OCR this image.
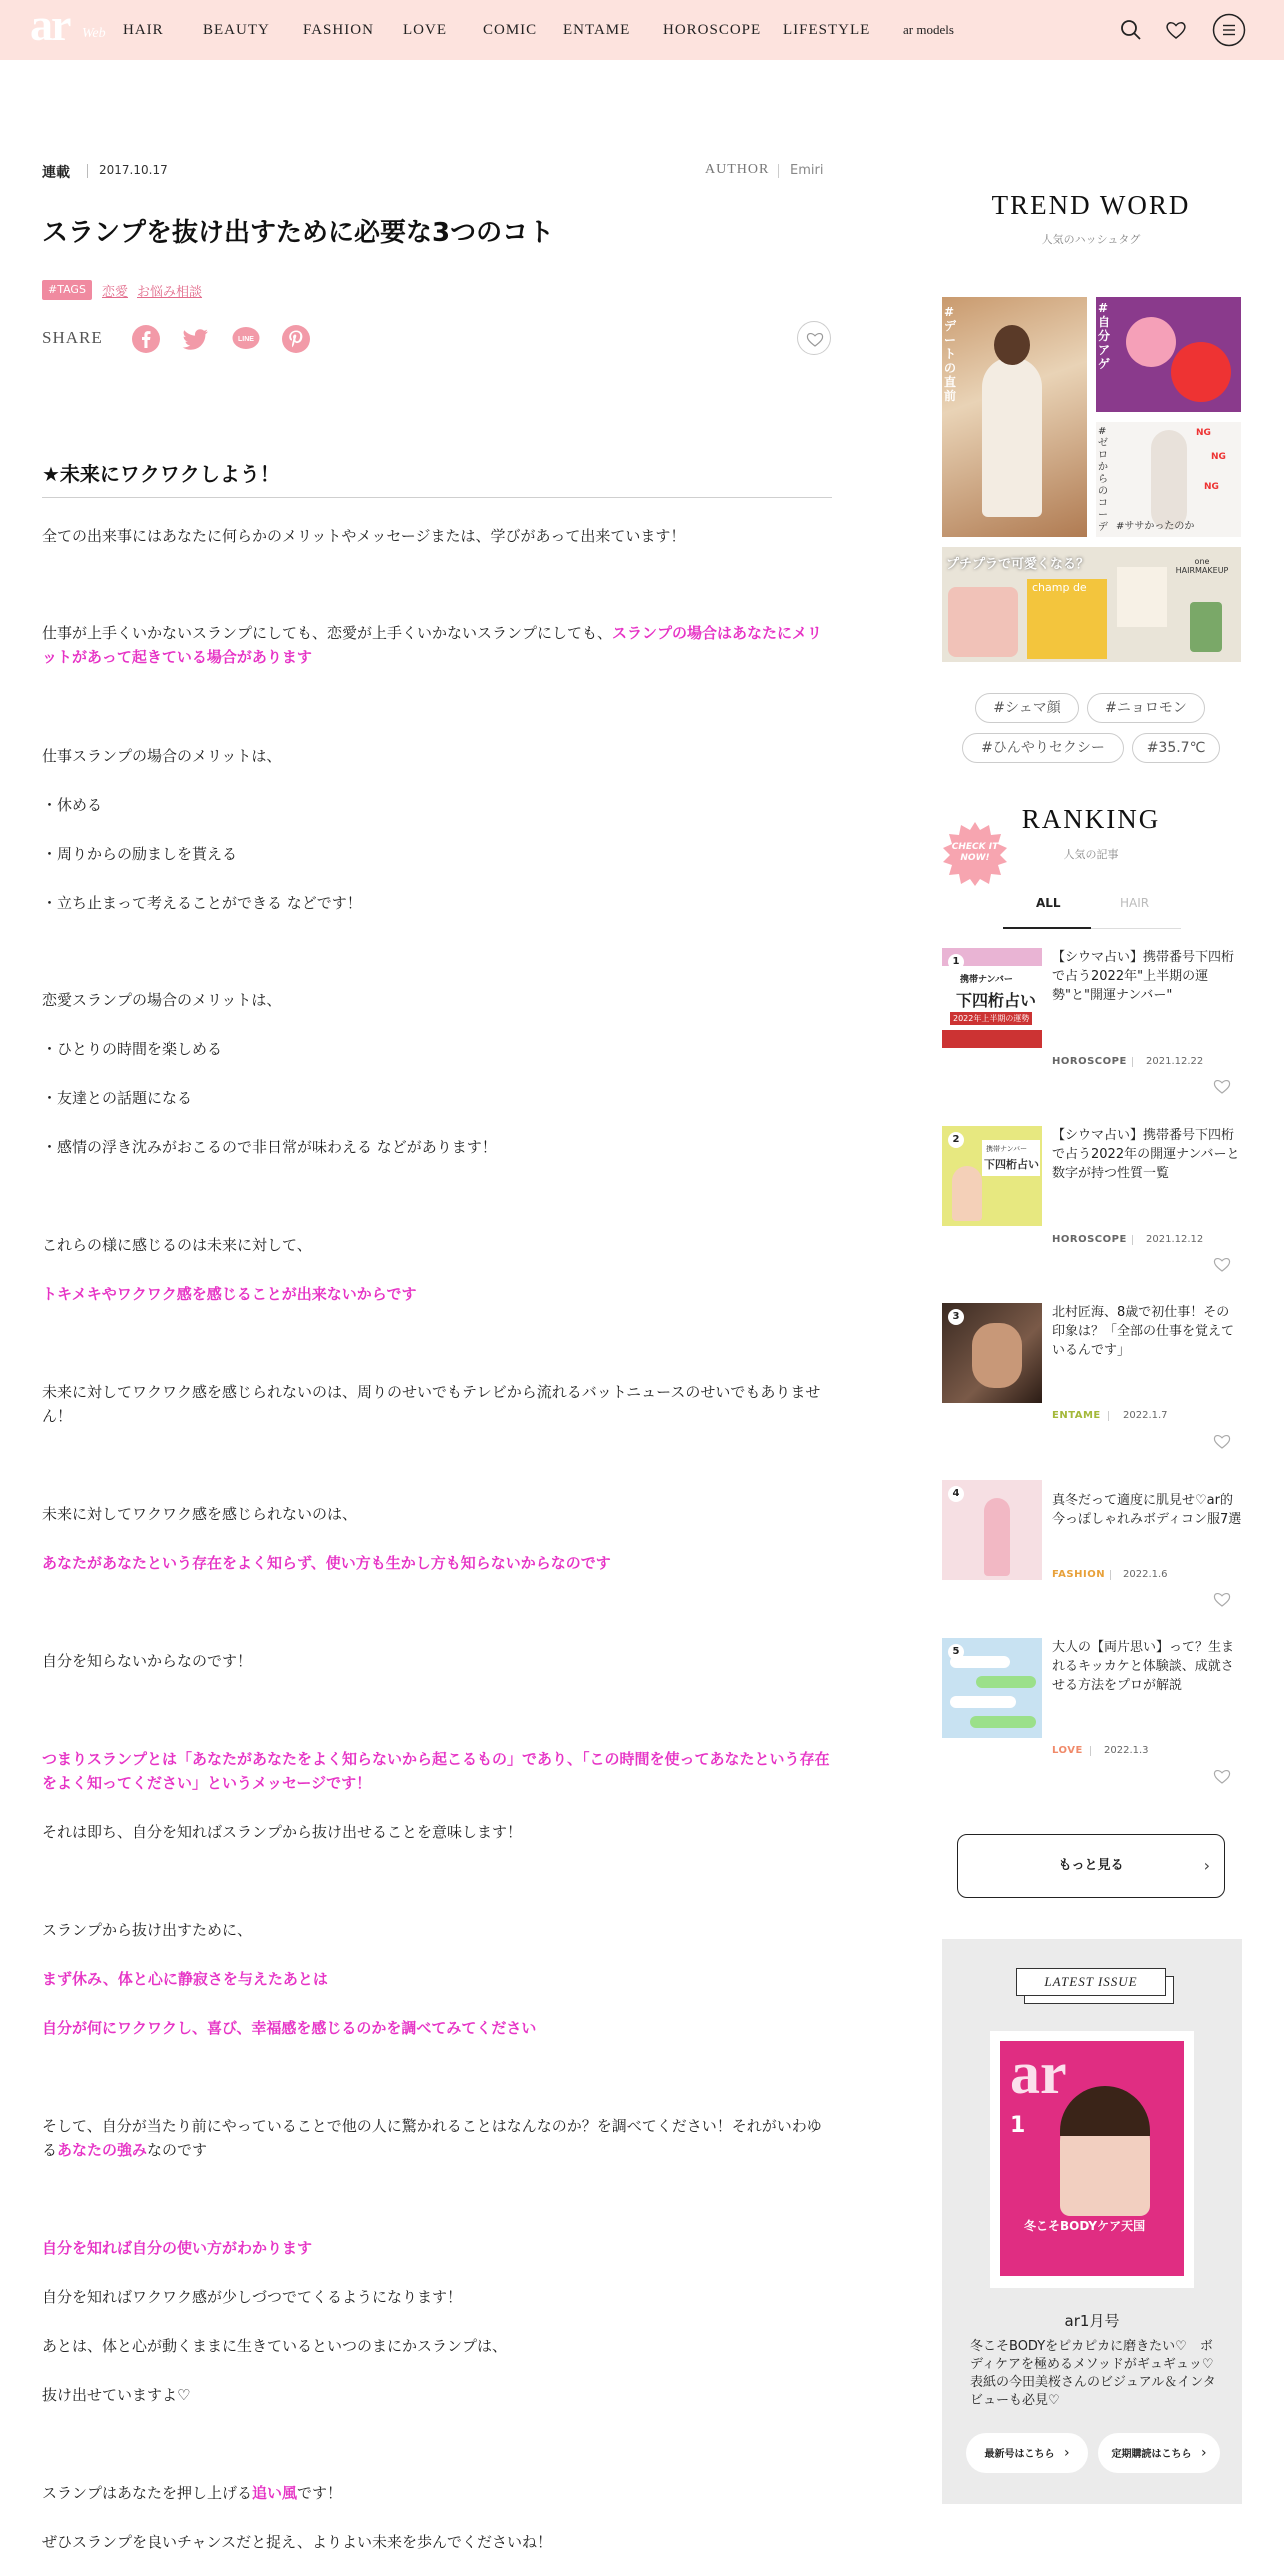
ar Web HAIR	BEAUTY FASHION LOVE COMIC ENTAME HOROSCOPE LIFESTYLE	ar models
連載 2017.10.17	AUTHOR Emiri
スランプを抜け出すために必要な3つのコト
#TAGS	恋愛 お悩み相談
SHARE	LINE
★未来にワクワクしよう！

全ての出来事にはあなたに何らかのメリットやメッセージまたは、学びがあって出来ています！

仕事が上手くいかないスランプにしても、恋愛が上手くいかないスランプにしても、スランプの場合はあなたにメリットがあって起きている場合があります

仕事スランプの場合のメリットは、

・休める

・周りからの励ましを貰える

・立ち止まって考えることができる などです！

恋愛スランプの場合のメリットは、

・ひとりの時間を楽しめる

・友達との話題になる

・感情の浮き沈みがおこるので非日常が味わえる などがあります！

これらの様に感じるのは未来に対して、

トキメキやワクワク感を感じることが出来ないからです

未来に対してワクワク感を感じられないのは、周りのせいでもテレビから流れるバットニュースのせいでもありません！

未来に対してワクワク感を感じられないのは、

あなたがあなたという存在をよく知らず、使い方も生かし方も知らないからなのです

自分を知らないからなのです！

つまりスランプとは「あなたがあなたをよく知らないから起こるもの」であり、「この時間を使ってあなたという存在をよく知ってください」というメッセージです！

それは即ち、自分を知ればスランプから抜け出せることを意味します！

スランプから抜け出すために、

まず休み、体と心に静寂さを与えたあとは

自分が何にワクワクし、喜び、幸福感を感じるのかを調べてみてください

そして、自分が当たり前にやっていることで他の人に驚かれることはなんなのか？を調べてください！それがいわゆるあなたの強みなのです

自分を知れば自分の使い方がわかります

自分を知ればワクワク感が少しづつでてくるようになります！

あとは、体と心が動くままに生きているといつのまにかスランプは、

抜け出せていますよ♡

スランプはあなたを押し上げる追い風です！

ぜひスランプを良いチャンスだと捉え、よりよい未来を歩んでくださいね！

TREND WORD
人気のハッシュタグ
#デートの直前
#自分アゲ
#ゼロからのコーデ #ササかったのか
NG
NG
NG
プチプラで可愛くなる？
champ de
one HAIRMAKEUP
#シェマ顔	#ニョロモン
#ひんやりセクシー	#35.7℃
CHECK IT NOW!
RANKING
人気の記事
ALL	HAIR
携帯ナンバー
下四桁占い
2022年上半期の運勢
1	【シウマ占い】携帯番号下四桁で占う2022年"上半期の運勢"と"開運ナンバー"
HOROSCOPE 2021.12.22
携帯ナンバー
下四桁占い
2	【シウマ占い】携帯番号下四桁で占う2022年の開運ナンバーと数字が持つ性質一覧
HOROSCOPE 2021.12.12
3	北村匠海、8歳で初仕事！その印象は？「全部の仕事を覚えているんです」
ENTAME 2022.1.7
4	真冬だって適度に肌見せ♡ar的今っぽしゃれみボディコン服7選
FASHION 2022.1.6
5	大人の【両片思い】って？生まれるキッカケと体験談、成就させる方法をプロが解説
LOVE 2022.1.3
もっと見る	›
LATEST ISSUE
ar
1
冬こそBODYケア天国
ar1月号
冬こそBODYをピカピカに磨きたい♡　ボディケアを極めるメソッドがギュギュッ♡ 表紙の今田美桜さんのビジュアル＆インタビューも必見♡
最新号はこちら ›	定期購読はこちら ›
